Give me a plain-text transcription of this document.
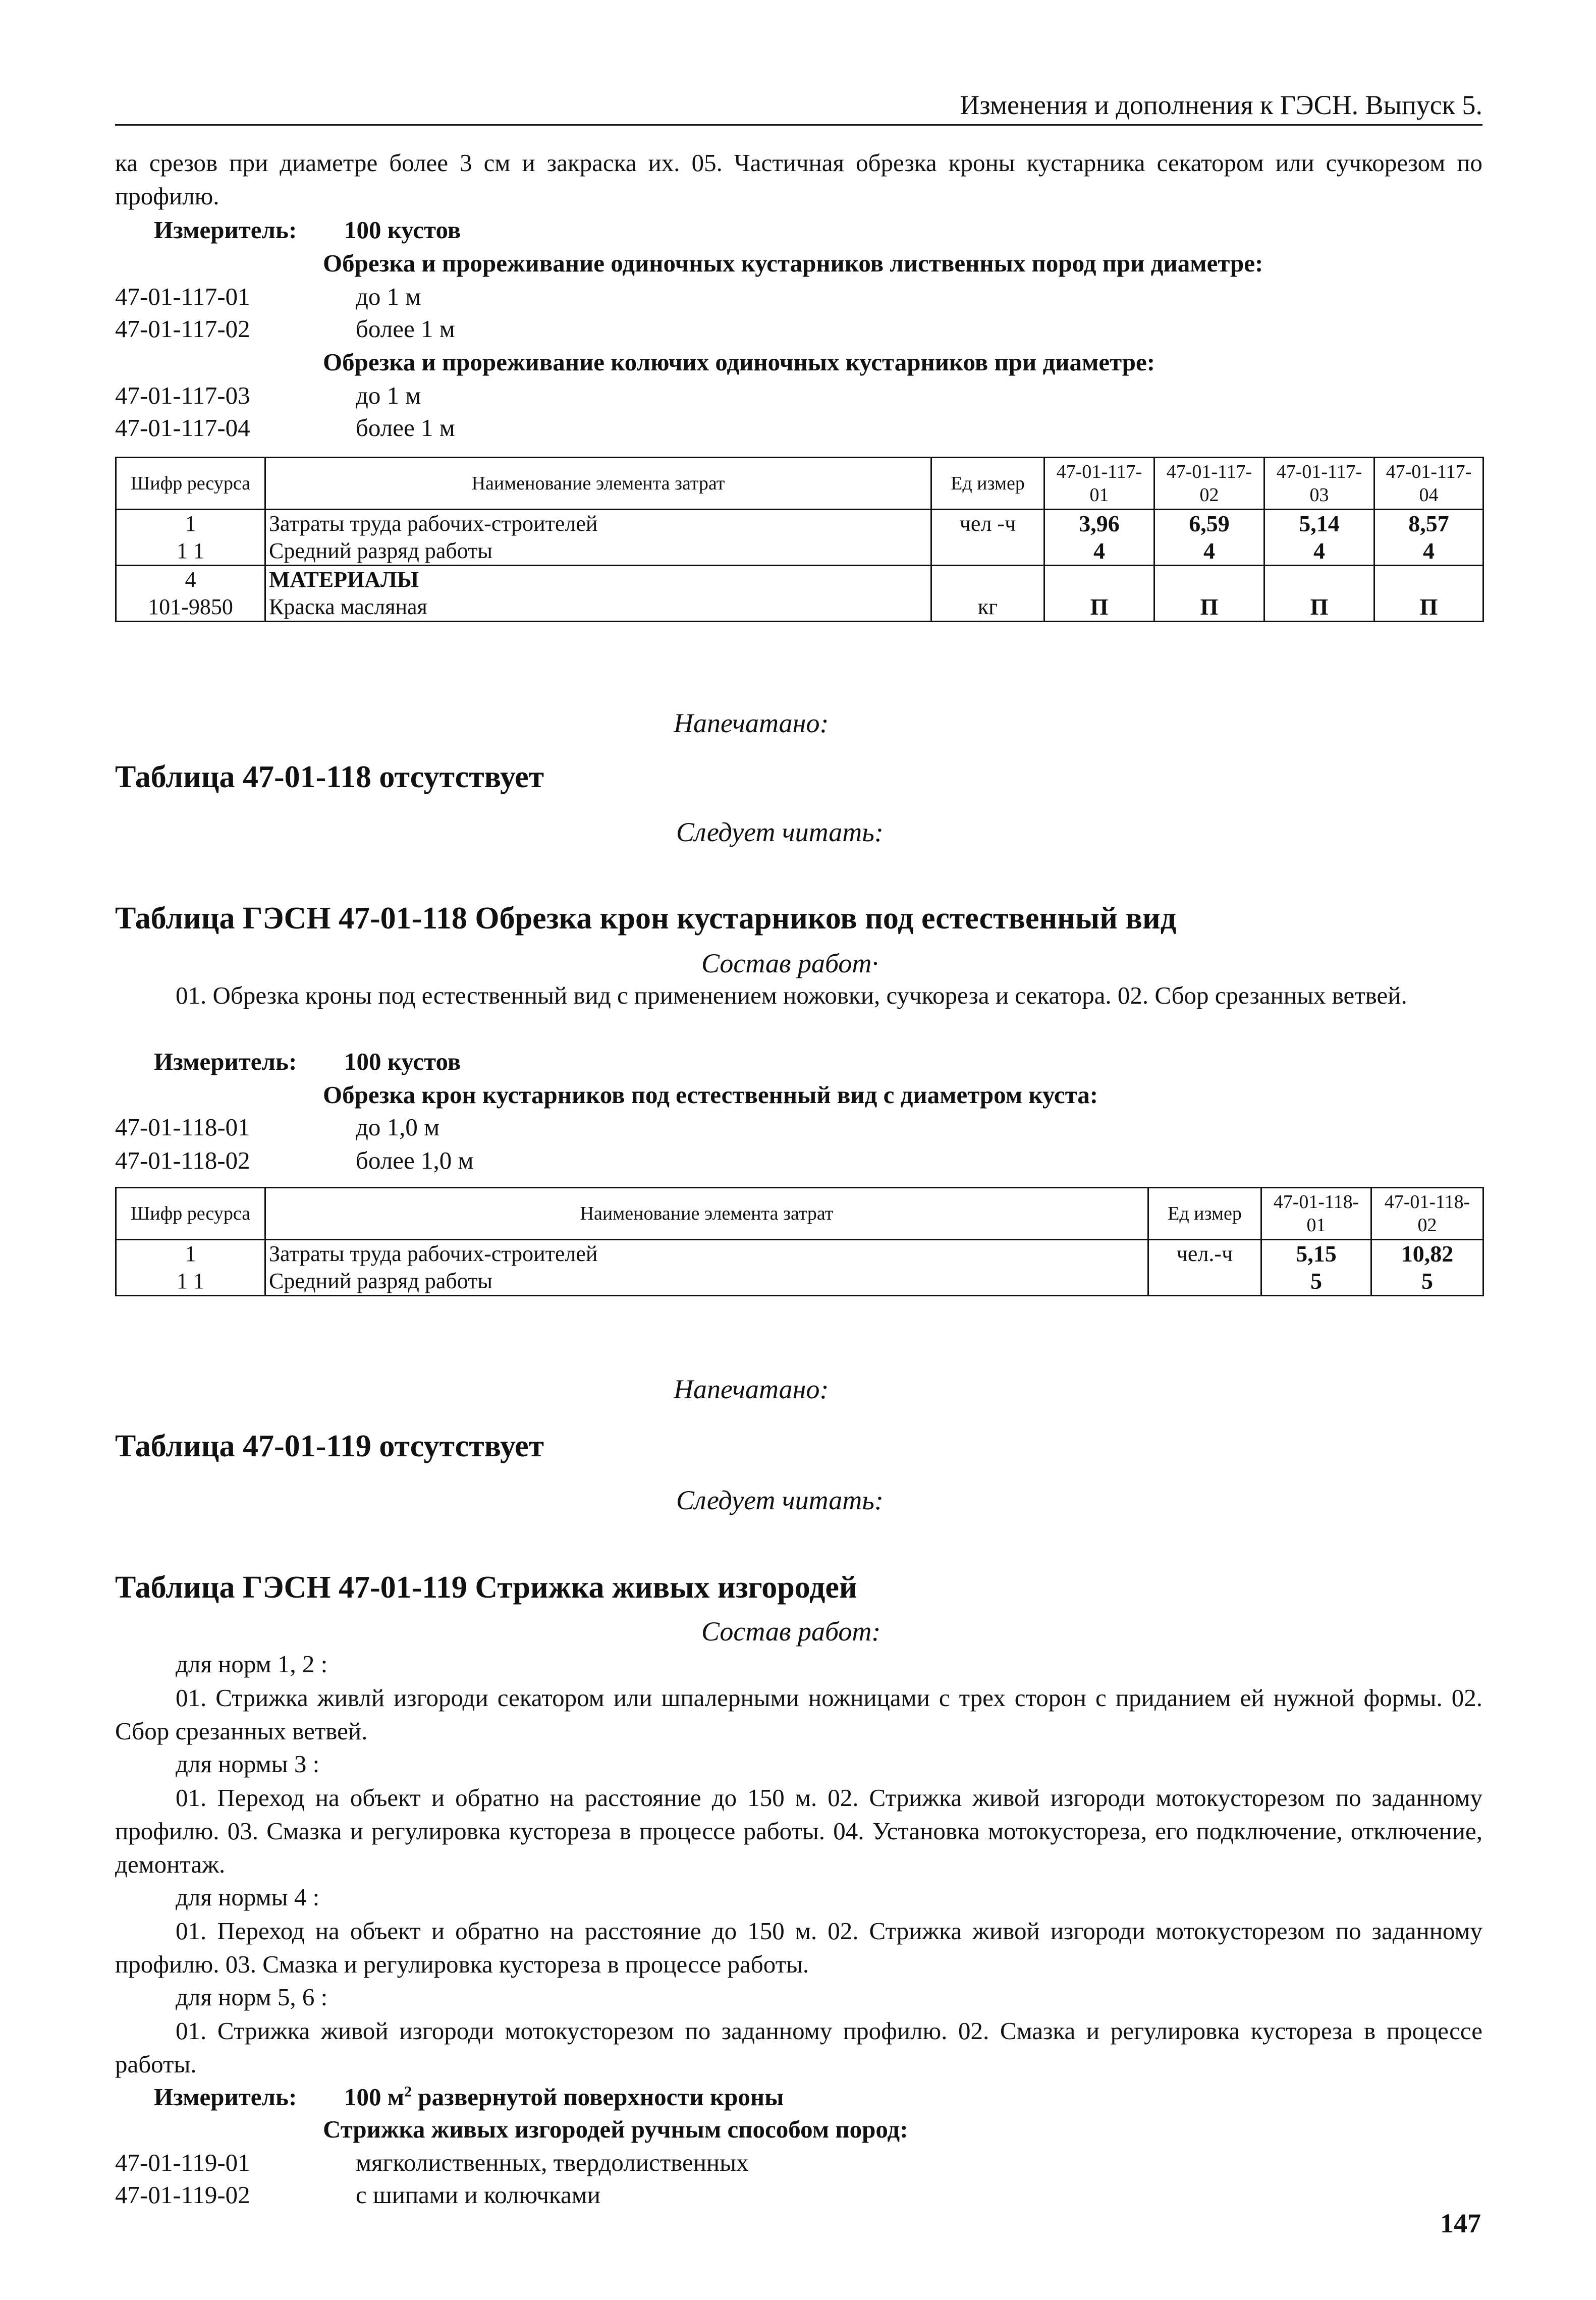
Изменения и дополнения к ГЭСН. Выпуск 5.
ка срезов при диаметре более 3 см и закраска их. 05. Частичная обрезка кроны кустарника секатором или сучкорезом по профилю.
Измеритель: 100 кустов
Обрезка и прореживание одиночных кустарников лиственных пород при диаметре:
47-01-117-01	до 1 м
47-01-117-02	более 1 м
Обрезка и прореживание колючих одиночных кустарников при диаметре:
47-01-117-03	до 1 м
47-01-117-04	более 1 м
Шифр ресурса	Наименование элемента затрат	Ед измер	47-01-117-01	47-01-117-02	47-01-117-03	47-01-117-04
1	Затраты труда рабочих-строителей	чел -ч	3,96	6,59	5,14	8,57
1 1	Средний разряд работы		4	4	4	4
4	МАТЕРИАЛЫ					
101-9850	Краска масляная	кг	П	П	П	П
Напечатано:
Таблица 47-01-118 отсутствует
Следует читать:
Таблица ГЭСН 47-01-118 Обрезка крон кустарников под естественный вид
Состав работ·
01. Обрезка кроны под естественный вид с применением ножовки, сучкореза и секатора. 02. Сбор срезанных ветвей.
Измеритель: 100 кустов
Обрезка крон кустарников под естественный вид с диаметром куста:
47-01-118-01	до 1,0 м
47-01-118-02	более 1,0 м
Шифр ресурса	Наименование элемента затрат	Ед измер	47-01-118-01	47-01-118-02
1	Затраты труда рабочих-строителей	чел.-ч	5,15	10,82
1 1	Средний разряд работы		5	5
Напечатано:
Таблица 47-01-119 отсутствует
Следует читать:
Таблица ГЭСН 47-01-119 Стрижка живых изгородей
Состав работ:
для норм 1, 2 :
01. Стрижка живлй изгороди секатором или шпалерными ножницами с трех сторон с приданием ей нужной формы. 02. Сбор срезанных ветвей.
для нормы 3 :
01. Переход на объект и обратно на расстояние до 150 м. 02. Стрижка живой изгороди мотокусторезом по заданному профилю. 03. Смазка и регулировка кустореза в процессе работы. 04. Установка мотокустореза, его подключение, отключение, демонтаж.
для нормы 4 :
01. Переход на объект и обратно на расстояние до 150 м. 02. Стрижка живой изгороди мотокусторезом по заданному профилю. 03. Смазка и регулировка кустореза в процессе работы.
для норм 5, 6 :
01. Стрижка живой изгороди мотокусторезом по заданному профилю. 02. Смазка и регулировка кустореза в процессе работы.
Измеритель: 100 $м^2$ развернутой поверхности кроны
Стрижка живых изгородей ручным способом пород:
47-01-119-01	мягколиственных, твердолиственных
47-01-119-02	с шипами и колючками
147
